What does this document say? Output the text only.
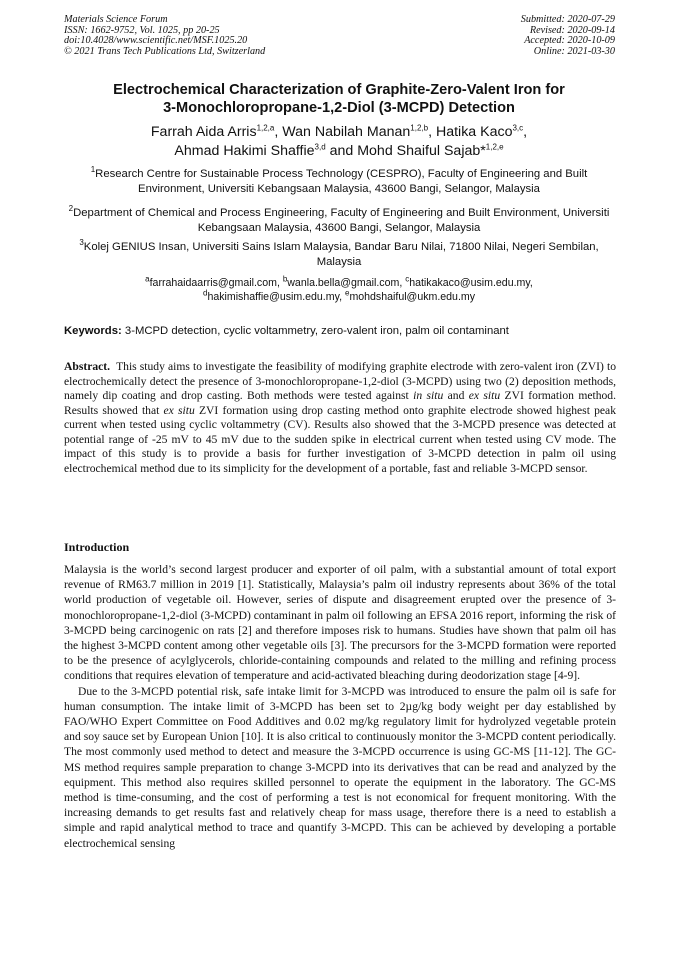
Materials Science Forum
ISSN: 1662-9752, Vol. 1025, pp 20-25
doi:10.4028/www.scientific.net/MSF.1025.20
© 2021 Trans Tech Publications Ltd, Switzerland
Submitted: 2020-07-29
Revised: 2020-09-14
Accepted: 2020-10-09
Online: 2021-03-30
Electrochemical Characterization of Graphite-Zero-Valent Iron for
3-Monochloropropane-1,2-Diol (3-MCPD) Detection
Farrah Aida Arris$^{1,2,a}$, Wan Nabilah Manan$^{1,2,b}$, Hatika Kaco$^{3,c}$,
Ahmad Hakimi Shaffie$^{3,d}$ and Mohd Shaiful Sajab*$^{1,2,e}$
$^1$Research Centre for Sustainable Process Technology (CESPRO), Faculty of Engineering and Built Environment, Universiti Kebangsaan Malaysia, 43600 Bangi, Selangor, Malaysia
$^2$Department of Chemical and Process Engineering, Faculty of Engineering and Built Environment, Universiti Kebangsaan Malaysia, 43600 Bangi, Selangor, Malaysia
$^3$Kolej GENIUS Insan, Universiti Sains Islam Malaysia, Bandar Baru Nilai, 71800 Nilai, Negeri Sembilan, Malaysia
$^a$farrahaidaarris@gmail.com, $^b$wanla.bella@gmail.com, $^c$hatikakaco@usim.edu.my,
$^d$hakimishaffie@usim.edu.my, $^e$mohdshaiful@ukm.edu.my
Keywords: 3-MCPD detection, cyclic voltammetry, zero-valent iron, palm oil contaminant
Abstract. This study aims to investigate the feasibility of modifying graphite electrode with zero-valent iron (ZVI) to electrochemically detect the presence of 3-monochloropropane-1,2-diol (3-MCPD) using two (2) deposition methods, namely dip coating and drop casting. Both methods were tested against in situ and ex situ ZVI formation method. Results showed that ex situ ZVI formation using drop casting method onto graphite electrode showed highest peak current when tested using cyclic voltammetry (CV). Results also showed that the 3-MCPD presence was detected at potential range of -25 mV to 45 mV due to the sudden spike in electrical current when tested using CV mode. The impact of this study is to provide a basis for further investigation of 3-MCPD detection in palm oil using electrochemical method due to its simplicity for the development of a portable, fast and reliable 3-MCPD sensor.
Introduction

Malaysia is the world’s second largest producer and exporter of oil palm, with a substantial amount of total export revenue of RM63.7 million in 2019 [1]. Statistically, Malaysia’s palm oil industry represents about 36% of the total world production of vegetable oil. However, series of dispute and disagreement erupted over the presence of 3-monochloropropane-1,2-diol (3-MCPD) contaminant in palm oil following an EFSA 2016 report, informing the risk of 3-MCPD being carcinogenic on rats [2] and therefore imposes risk to humans. Studies have shown that palm oil has the highest 3-MCPD content among other vegetable oils [3]. The precursors for the 3-MCPD formation were reported to be the presence of acylglycerols, chloride-containing compounds and related to the milling and refining process conditions that requires elevation of temperature and acid-activated bleaching during deodorization stage [4-9].

Due to the 3-MCPD potential risk, safe intake limit for 3-MCPD was introduced to ensure the palm oil is safe for human consumption. The intake limit of 3-MCPD has been set to 2µg/kg body weight per day established by FAO/WHO Expert Committee on Food Additives and 0.02 mg/kg regulatory limit for hydrolyzed vegetable protein and soy sauce set by European Union [10]. It is also critical to continuously monitor the 3-MCPD content periodically. The most commonly used method to detect and measure the 3-MCPD occurrence is using GC-MS [11-12]. The GC-MS method requires sample preparation to change 3-MCPD into its derivatives that can be read and analyzed by the equipment. This method also requires skilled personnel to operate the equipment in the laboratory. The GC-MS method is time-consuming, and the cost of performing a test is not economical for frequent monitoring. With the increasing demands to get results fast and relatively cheap for mass usage, therefore there is a need to establish a simple and rapid analytical method to trace and quantify 3-MCPD. This can be achieved by developing a portable electrochemical sensing
